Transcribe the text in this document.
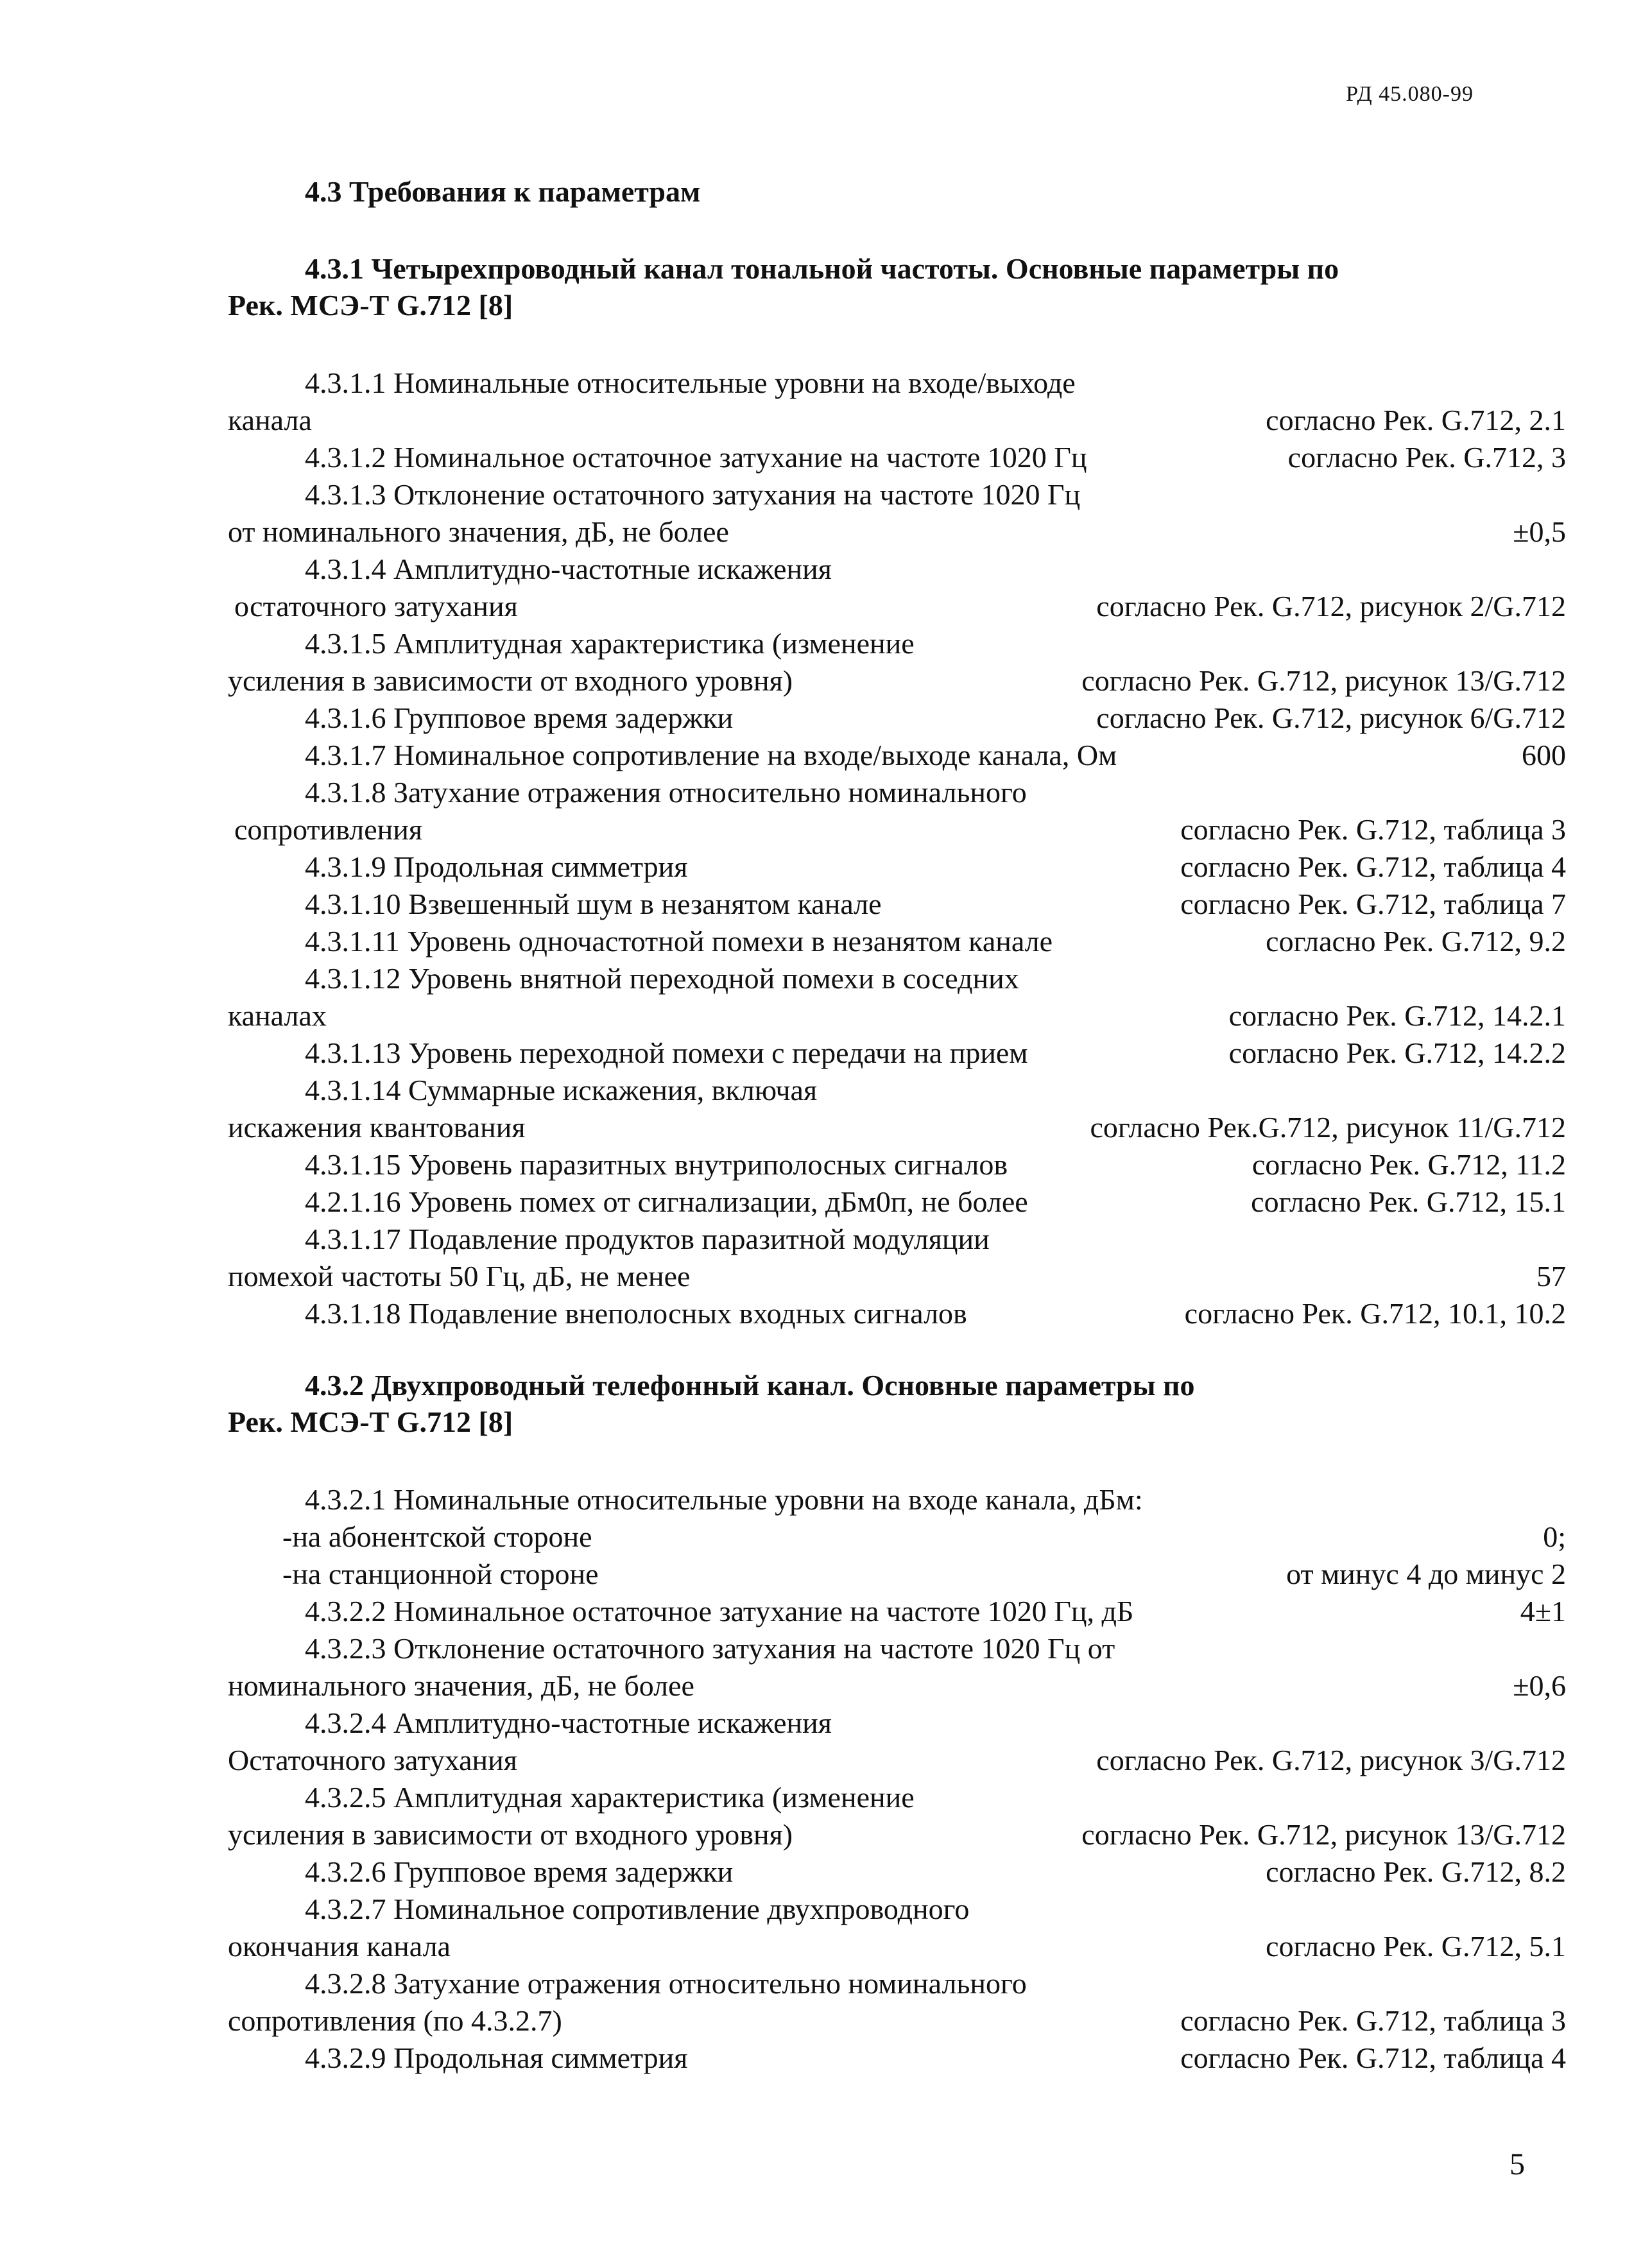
РД 45.080-99
4.3 Требования к параметрам
4.3.1 Четырехпроводный канал тональной частоты. Основные параметры по
Рек. МСЭ-Т G.712 [8]
4.3.1.1 Номинальные относительные уровни на входе/выходе
канала	согласно Рек. G.712, 2.1
4.3.1.2 Номинальное остаточное затухание на частоте 1020 Гц	согласно Рек. G.712, 3
4.3.1.3 Отклонение остаточного затухания на частоте 1020 Гц
от номинального значения, дБ, не более	±0,5
4.3.1.4 Амплитудно-частотные искажения
остаточного затухания	согласно Рек. G.712, рисунок 2/G.712
4.3.1.5 Амплитудная характеристика (изменение
усиления в зависимости от входного уровня)	согласно Рек. G.712, рисунок 13/G.712
4.3.1.6 Групповое время задержки	согласно Рек. G.712, рисунок 6/G.712
4.3.1.7 Номинальное сопротивление на входе/выходе канала, Ом	600
4.3.1.8 Затухание отражения относительно номинального
сопротивления	согласно Рек. G.712, таблица 3
4.3.1.9 Продольная симметрия	согласно Рек. G.712, таблица 4
4.3.1.10 Взвешенный шум в незанятом канале	согласно Рек. G.712, таблица 7
4.3.1.11 Уровень одночастотной помехи в незанятом канале	согласно Рек. G.712, 9.2
4.3.1.12 Уровень внятной переходной помехи в соседних
каналах	согласно Рек. G.712, 14.2.1
4.3.1.13 Уровень переходной помехи с передачи на прием	согласно Рек. G.712, 14.2.2
4.3.1.14 Суммарные искажения, включая
искажения квантования	согласно Рек.G.712, рисунок 11/G.712
4.3.1.15 Уровень паразитных внутриполосных сигналов	согласно Рек. G.712, 11.2
4.2.1.16 Уровень помех от сигнализации, дБм0п, не более	согласно Рек. G.712, 15.1
4.3.1.17 Подавление продуктов паразитной модуляции
помехой частоты 50 Гц, дБ, не менее	57
4.3.1.18 Подавление внеполосных входных сигналов	согласно Рек. G.712, 10.1, 10.2
4.3.2 Двухпроводный телефонный канал. Основные параметры по
Рек. МСЭ-Т G.712 [8]
4.3.2.1 Номинальные относительные уровни на входе канала, дБм:
-на абонентской стороне	0;
-на станционной стороне	от минус 4 до минус 2
4.3.2.2 Номинальное остаточное затухание на частоте 1020 Гц, дБ	4±1
4.3.2.3 Отклонение остаточного затухания на частоте 1020 Гц от
номинального значения, дБ, не более	±0,6
4.3.2.4 Амплитудно-частотные искажения
Остаточного затухания	согласно Рек. G.712, рисунок 3/G.712
4.3.2.5 Амплитудная характеристика (изменение
усиления в зависимости от входного уровня)	согласно Рек. G.712, рисунок 13/G.712
4.3.2.6 Групповое время задержки	согласно Рек. G.712, 8.2
4.3.2.7 Номинальное сопротивление двухпроводного
окончания канала	согласно Рек. G.712, 5.1
4.3.2.8 Затухание отражения относительно номинального
сопротивления (по 4.3.2.7)	согласно Рек. G.712, таблица 3
4.3.2.9 Продольная симметрия	согласно Рек. G.712, таблица 4
5
